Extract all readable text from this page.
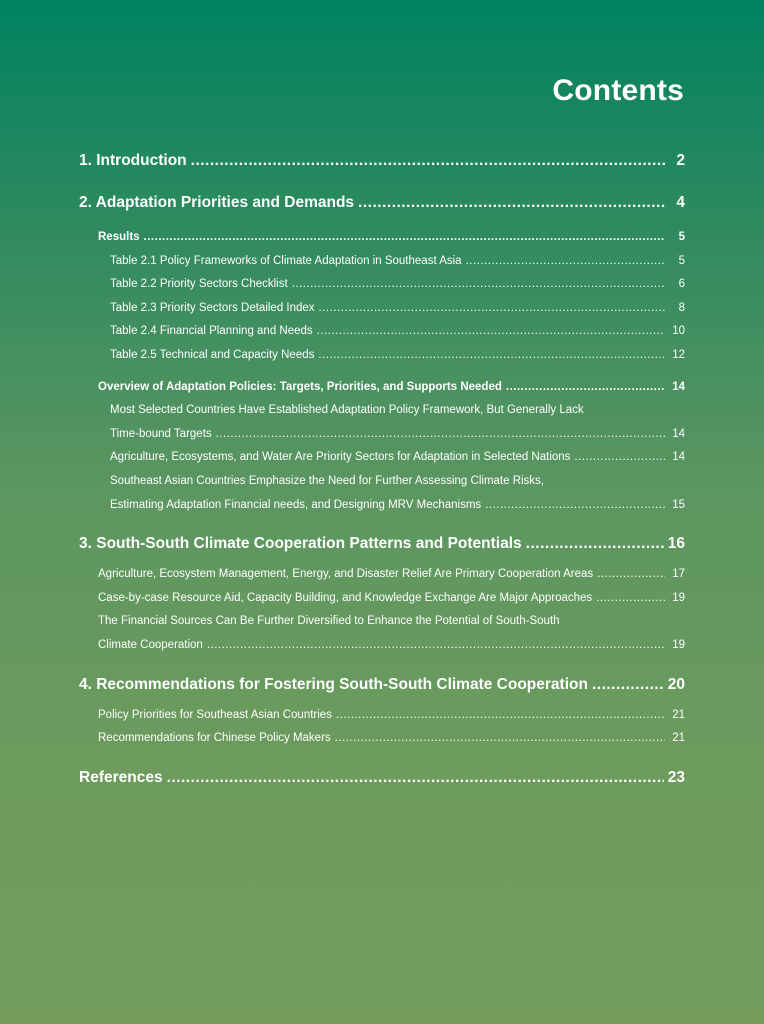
Contents
1. Introduction .....	2
2. Adaptation Priorities and Demands .....	4
Results .....	5
Table 2.1 Policy Frameworks of Climate Adaptation in Southeast Asia .....	5
Table 2.2 Priority Sectors Checklist .....	6
Table 2.3 Priority Sectors Detailed Index .....	8
Table 2.4 Financial Planning and Needs .....	10
Table 2.5 Technical and Capacity Needs .....	12
Overview of Adaptation Policies: Targets, Priorities, and Supports Needed .....	14
Most Selected Countries Have Established Adaptation Policy Framework, But Generally Lack
Time-bound Targets .....	14
Agriculture, Ecosystems, and Water Are Priority Sectors for Adaptation in Selected Nations .....	14
Southeast Asian Countries Emphasize the Need for Further Assessing Climate Risks,
Estimating Adaptation Financial needs, and Designing MRV Mechanisms .....	15
3. South-South Climate Cooperation Patterns and Potentials .....	16
Agriculture, Ecosystem Management, Energy, and Disaster Relief Are Primary Cooperation Areas .....	17
Case-by-case Resource Aid, Capacity Building, and Knowledge Exchange Are Major Approaches .....	19
The Financial Sources Can Be Further Diversified to Enhance the Potential of South-South
Climate Cooperation .....	19
4. Recommendations for Fostering South-South Climate Cooperation .....	20
Policy Priorities for Southeast Asian Countries .....	21
Recommendations for Chinese Policy Makers .....	21
References .....	23
